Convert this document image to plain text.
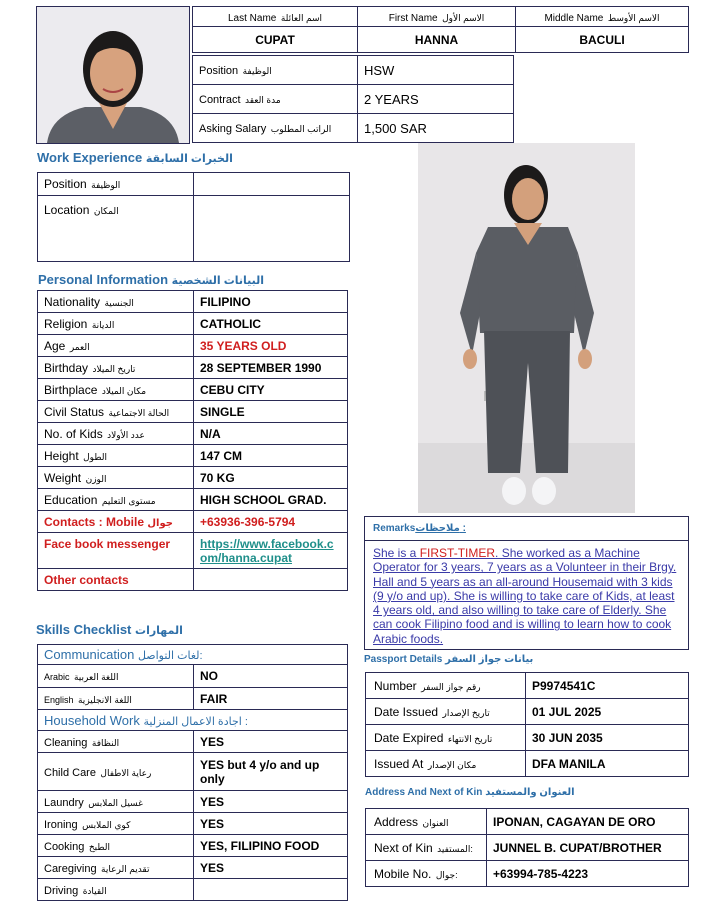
Last Name اسم العائلة	First Name الاسم الأول	Middle Name الاسم الأوسط
CUPAT	HANNA	BACULI
Position الوظيفة	HSW
Contract مدة العقد	2 YEARS
Asking Salary الراتب المطلوب	1,500 SAR
Work Experience الخبرات السابقة
Position الوظيفة	
Location المكان	
Personal Information البيانات الشخصية
Nationality الجنسية	FILIPINO
Religion الديانة	CATHOLIC
Age العمر	35 YEARS OLD
Birthday تاريخ الميلاد	28 SEPTEMBER 1990
Birthplace مكان الميلاد	CEBU CITY
Civil Status الحالة الاجتماعية	SINGLE
No. of Kids عدد الأولاد	N/A
Height الطول	147 CM
Weight الوزن	70 KG
Education مستوى التعليم	HIGH SCHOOL GRAD.
Contacts : Mobile جوال	+63936-396-5794
Face book messenger	https://www.facebook.c
om/hanna.cupat
Other contacts	
Skills Checklist المهارات
Communication لغات التواصل:	
Arabic اللغة العربية	NO
English اللغة الانجليزية	FAIR
Household Work اجادة الاعمال المنزلية :	
Cleaning النظافة	YES
Child Care رعاية الاطفال	YES but 4 y/o and up only
Laundry غسيل الملابس	YES
Ironing كوي الملابس	YES
Cooking الطبخ	YES, FILIPINO FOOD
Caregiving تقديم الرعاية	YES
Driving القيادة	
Remarksملاحظات :
She is a FIRST-TIMER. She worked as a Machine Operator for 3 years, 7 years as a Volunteer in their Brgy. Hall and 5 years as an all-around Housemaid with 3 kids (9 y/o and up). She is willing to take care of Kids, at least 4 years old, and also willing to take care of Elderly. She can cook Filipino food and is willing to learn how to cook Arabic foods.
Passport Details بيانات جواز السفر
Number رقم جواز السفر	P9974541C
Date Issued تاريخ الإصدار	01 JUL 2025
Date Expired تاريخ الانتهاء	30 JUN 2035
Issued At مكان الإصدار	DFA MANILA
Address And Next of Kin العنوان والمستفيد
Address العنوان	IPONAN, CAGAYAN DE ORO
Next of Kin المستفيد:	JUNNEL B. CUPAT/BROTHER
Mobile No. جوال:	+63994-785-4223
